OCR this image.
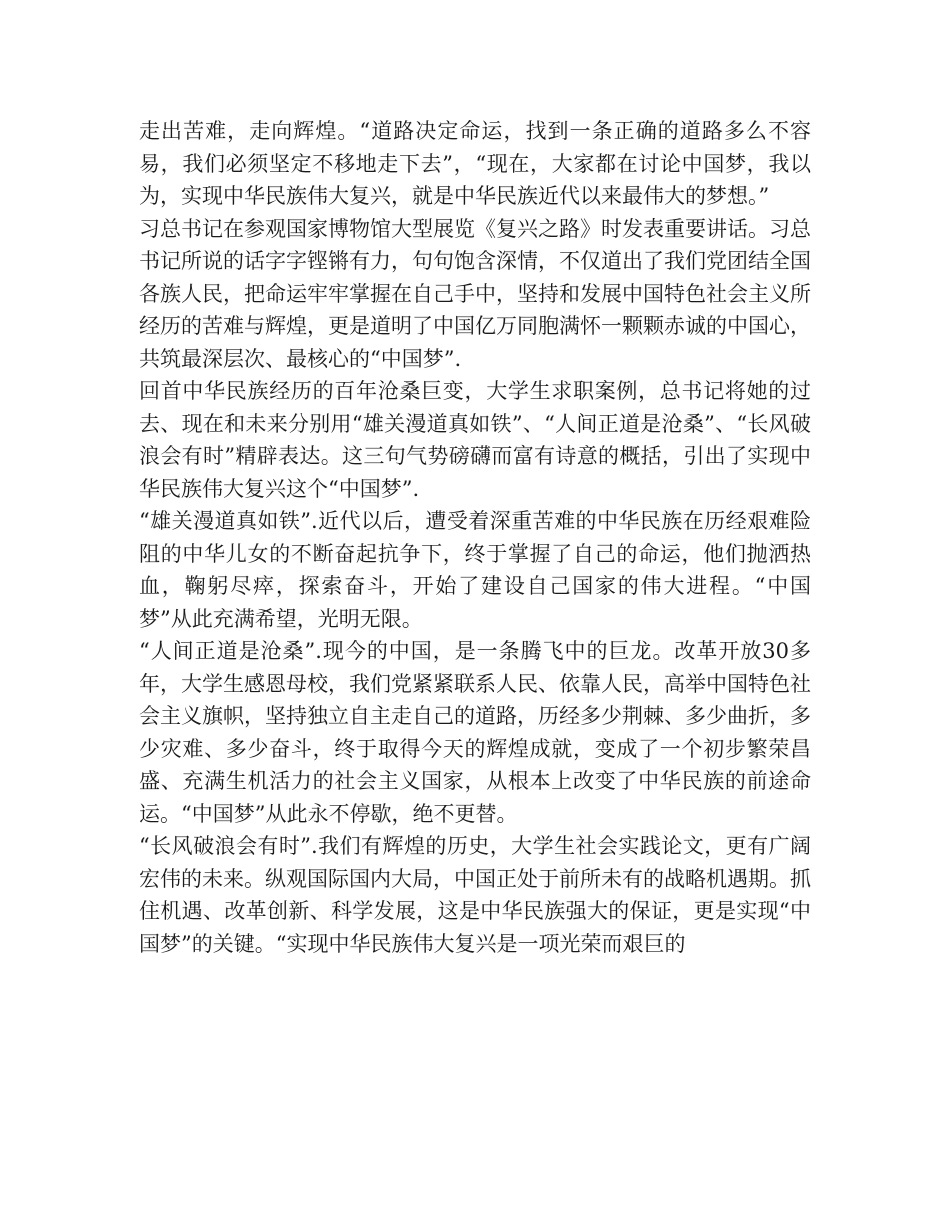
走出苦难，走向辉煌。“道路决定命运，找到一条正确的道路多么不容易，我们必须坚定不移地走下去”，“现在，大家都在讨论中国梦，我以为，实现中华民族伟大复兴，就是中华民族近代以来最伟大的梦想。”

习总书记在参观国家博物馆大型展览《复兴之路》时发表重要讲话。习总书记所说的话字字铿锵有力，句句饱含深情，不仅道出了我们党团结全国各族人民，把命运牢牢掌握在自己手中，坚持和发展中国特色社会主义所经历的苦难与辉煌，更是道明了中国亿万同胞满怀一颗颗赤诚的中国心，共筑最深层次、最核心的“中国梦”.

回首中华民族经历的百年沧桑巨变，大学生求职案例，总书记将她的过去、现在和未来分别用“雄关漫道真如铁”、“人间正道是沧桑”、“长风破浪会有时”精辟表达。这三句气势磅礴而富有诗意的概括，引出了实现中华民族伟大复兴这个“中国梦”.

“雄关漫道真如铁”.近代以后，遭受着深重苦难的中华民族在历经艰难险阻的中华儿女的不断奋起抗争下，终于掌握了自己的命运，他们抛洒热血，鞠躬尽瘁，探索奋斗，开始了建设自己国家的伟大进程。“中国梦”从此充满希望，光明无限。

“人间正道是沧桑”.现今的中国，是一条腾飞中的巨龙。改革开放30多年，大学生感恩母校，我们党紧紧联系人民、依靠人民，高举中国特色社会主义旗帜，坚持独立自主走自己的道路，历经多少荆棘、多少曲折，多少灾难、多少奋斗，终于取得今天的辉煌成就，变成了一个初步繁荣昌盛、充满生机活力的社会主义国家，从根本上改变了中华民族的前途命运。“中国梦”从此永不停歇，绝不更替。

“长风破浪会有时”.我们有辉煌的历史，大学生社会实践论文，更有广阔宏伟的未来。纵观国际国内大局，中国正处于前所未有的战略机遇期。抓住机遇、改革创新、科学发展，这是中华民族强大的保证，更是实现“中国梦”的关键。“实现中华民族伟大复兴是一项光荣而艰巨的
